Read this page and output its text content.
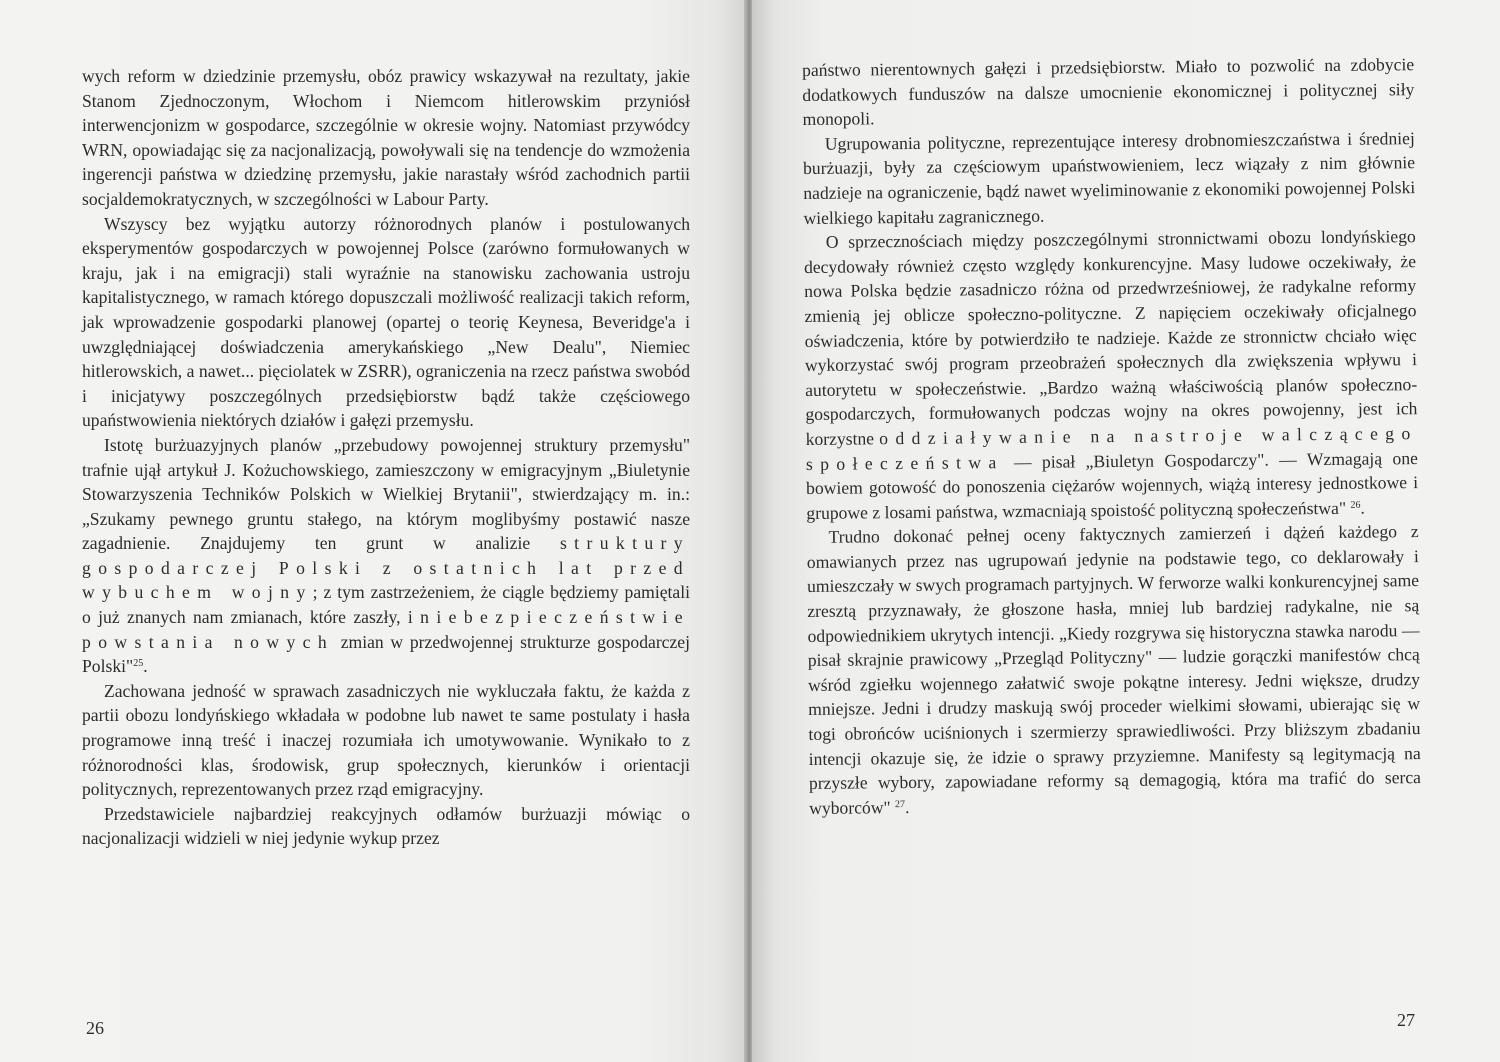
wych reform w dziedzinie przemysłu, obóz prawicy wskazywał na rezultaty, jakie Stanom Zjednoczonym, Włochom i Niemcom hitlerowskim przyniósł interwencjonizm w gospodarce, szczególnie w okresie wojny. Natomiast przywódcy WRN, opowiadając się za nacjonalizacją, powoływali się na tendencje do wzmożenia ingerencji państwa w dziedzinę przemysłu, jakie narastały wśród zachodnich partii socjaldemokratycznych, w szczególności w Labour Party.

Wszyscy bez wyjątku autorzy różnorodnych planów i postulowanych eksperymentów gospodarczych w powojennej Polsce (zarówno formułowanych w kraju, jak i na emigracji) stali wyraźnie na stanowisku zachowania ustroju kapitalistycznego, w ramach którego dopuszczali możliwość realizacji takich reform, jak wprowadzenie gospodarki planowej (opartej o teorię Keynesa, Beveridge'a i uwzględniającej doświadczenia amerykańskiego „New Dealu", Niemiec hitlerowskich, a nawet... pięciolatek w ZSRR), ograniczenia na rzecz państwa swobód i inicjatywy poszczególnych przedsiębiorstw bądź także częściowego upaństwowienia niektórych działów i gałęzi przemysłu.

Istotę burżuazyjnych planów „przebudowy powojennej struktury przemysłu" trafnie ujął artykuł J. Kożuchowskiego, zamieszczony w emigracyjnym „Biuletynie Stowarzyszenia Techników Polskich w Wielkiej Brytanii", stwierdzający m. in.: „Szukamy pewnego gruntu stałego, na którym moglibyśmy postawić nasze zagadnienie. Znajdujemy ten grunt w analizie struktury gospodarczej Polski z ostatnich lat przed wybuchem wojny; z tym zastrzeżeniem, że ciągle będziemy pamiętali o już znanych nam zmianach, które zaszły, i niebezpieczeństwie powstania nowych zmian w przedwojennej strukturze gospodarczej Polski"$^{25}$.

Zachowana jedność w sprawach zasadniczych nie wykluczała faktu, że każda z partii obozu londyńskiego wkładała w podobne lub nawet te same postulaty i hasła programowe inną treść i inaczej rozumiała ich umotywowanie. Wynikało to z różnorodności klas, środowisk, grup społecznych, kierunków i orientacji politycznych, reprezentowanych przez rząd emigracyjny.

Przedstawiciele najbardziej reakcyjnych odłamów burżuazji mówiąc o nacjonalizacji widzieli w niej jedynie wykup przez

26

państwo nierentownych gałęzi i przedsiębiorstw. Miało to pozwolić na zdobycie dodatkowych funduszów na dalsze umocnienie ekonomicznej i politycznej siły monopoli.

Ugrupowania polityczne, reprezentujące interesy drobnomieszczaństwa i średniej burżuazji, były za częściowym upaństwowieniem, lecz wiązały z nim głównie nadzieje na ograniczenie, bądź nawet wyeliminowanie z ekonomiki powojennej Polski wielkiego kapitału zagranicznego.

O sprzecznościach między poszczególnymi stronnictwami obozu londyńskiego decydowały również często względy konkurencyjne. Masy ludowe oczekiwały, że nowa Polska będzie zasadniczo różna od przedwrześniowej, że radykalne reformy zmienią jej oblicze społeczno-polityczne. Z napięciem oczekiwały oficjalnego oświadczenia, które by potwierdziło te nadzieje. Każde ze stronnictw chciało więc wykorzystać swój program przeobrażeń społecznych dla zwiększenia wpływu i autorytetu w społeczeństwie. „Bardzo ważną właściwością planów społeczno-gospodarczych, formułowanych podczas wojny na okres powojenny, jest ich korzystne oddziaływanie na nastroje walczącego społeczeństwa — pisał „Biuletyn Gospodarczy". — Wzmagają one bowiem gotowość do ponoszenia ciężarów wojennych, wiążą interesy jednostkowe i grupowe z losami państwa, wzmacniają spoistość polityczną społeczeństwa" $^{26}$.

Trudno dokonać pełnej oceny faktycznych zamierzeń i dążeń każdego z omawianych przez nas ugrupowań jedynie na podstawie tego, co deklarowały i umieszczały w swych programach partyjnych. W ferworze walki konkurencyjnej same zresztą przyznawały, że głoszone hasła, mniej lub bardziej radykalne, nie są odpowiednikiem ukrytych intencji. „Kiedy rozgrywa się historyczna stawka narodu — pisał skrajnie prawicowy „Przegląd Polityczny" — ludzie gorączki manifestów chcą wśród zgiełku wojennego załatwić swoje pokątne interesy. Jedni większe, drudzy mniejsze. Jedni i drudzy maskują swój proceder wielkimi słowami, ubierając się w togi obrońców uciśnionych i szermierzy sprawiedliwości. Przy bliższym zbadaniu intencji okazuje się, że idzie o sprawy przyziemne. Manifesty są legitymacją na przyszłe wybory, zapowiadane reformy są demagogią, która ma trafić do serca wyborców" $^{27}$.

27
